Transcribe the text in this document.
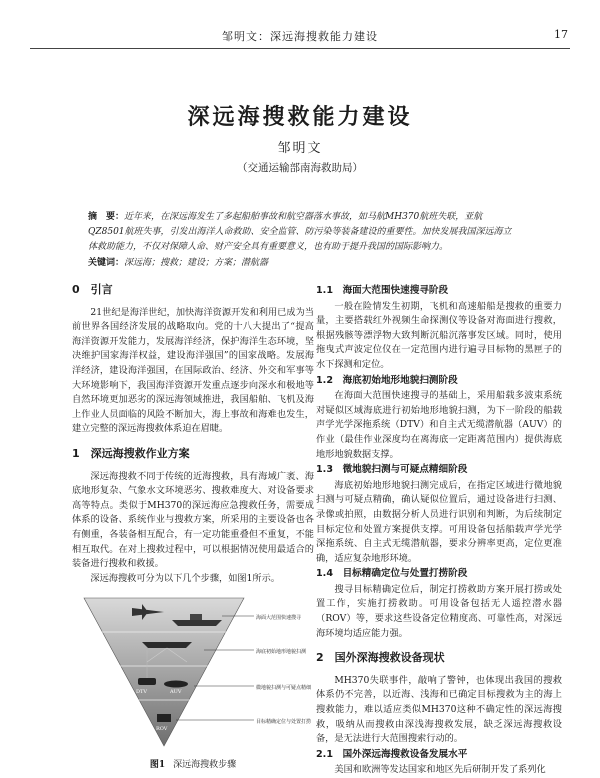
邹明文：深远海搜救能力建设	17
深远海搜救能力建设
邹明文
（交通运输部南海救助局）
摘　要：近年来，在深远海发生了多起船舶事故和航空器落水事故，如马航MH370航班失联，亚航QZ8501航班失事，引发出海洋人命救助、安全监管、防污染等装备建设的重要性。加快发展我国深远海立体救助能力，不仅对保障人命、财产安全具有重要意义，也有助于提升我国的国际影响力。
关键词：深远海；搜救；建设；方案；潜航器
0　引言

21世纪是海洋世纪，加快海洋资源开发和利用已成为当前世界各国经济发展的战略取向。党的十八大提出了“提高海洋资源开发能力，发展海洋经济，保护海洋生态环境，坚决维护国家海洋权益，建设海洋强国”的国家战略。发展海洋经济，建设海洋强国，在国际政治、经济、外交和军事等大环境影响下，我国海洋资源开发重点逐步向深水和极地等自然环境更加恶劣的深远海领域推进，我国船舶、飞机及海上作业人员面临的风险不断加大，海上事故和海难也发生，建立完整的深远海搜救体系迫在眉睫。

1　深远海搜救作业方案

深远海搜救不同于传统的近海搜救，具有海域广袤、海底地形复杂、气象水文环境恶劣、搜救难度大、对设备要求高等特点。类似于MH370的深远海应急搜救任务，需要成体系的设备、系统作业与搜救方案，所采用的主要设备也各有侧重，各装备相互配合，有一定功能重叠但不重复，不能相互取代。在对上搜救过程中，可以根据情况使用最适合的装备进行搜救和救援。

深远海搜救可分为以下几个步骤，如图1所示。

海面大范围快速搜寻
海底初始地形地貌扫测
微地貌扫测与可疑点精细
目标精确定位与处置打捞
DTV	AUV
ROV
图1 深远海搜救步骤
1.1　海面大范围快速搜寻阶段

一般在险情发生初期，飞机和高速船船是搜救的重要力量，主要搭载红外视频生命探测仪等设备对海面进行搜救，根据残骸等漂浮物大致判断沉船沉落事发区域。同时，使用拖曳式声波定位仪在一定范围内进行遍寻目标物的黑匣子的水下探测和定位。

1.2　海底初始地形地貌扫测阶段

在海面大范围快速搜寻的基础上，采用船载多波束系统对疑似区域海底进行初始地形地貌扫测，为下一阶段的船载声学光学深拖系统（DTV）和自主式无缆潜航器（AUV）的作业（最佳作业深度均在离海底一定距离范围内）提供海底地形地貌数据支撑。

1.3　微地貌扫测与可疑点精细阶段

海底初始地形地貌扫测完成后，在指定区域进行微地貌扫测与可疑点精确，确认疑似位置后，通过设备进行扫测、录像或拍照，由数据分析人员进行识别和判断，为后续制定目标定位和处置方案提供支撑。可用设备包括船载声学光学深拖系统、自主式无缆潜航器，要求分辨率更高，定位更准确，适应复杂地形环境。

1.4　目标精确定位与处置打捞阶段

搜寻目标精确定位后，制定打捞救助方案开展打捞或处置工作，实施打捞救助。可用设备包括无人遥控潜水器（ROV）等，要求这些设备定位精度高、可靠性高，对深远海环境均适应能力强。

2　国外深海搜救设备现状

MH370失联事件，敲响了警钟，也体现出我国的搜救体系仍不完善，以近海、浅海和已确定目标搜救为主的海上搜救能力，难以适应类似MH370这种不确定性的深远海搜救，吸纳从而搜救由深浅海搜救发展，缺乏深远海搜救设备，是无法进行大范围搜索行动的。

2.1　国外深远海搜救设备发展水平

美国和欧洲等发达国家和地区先后研制开发了系列化
